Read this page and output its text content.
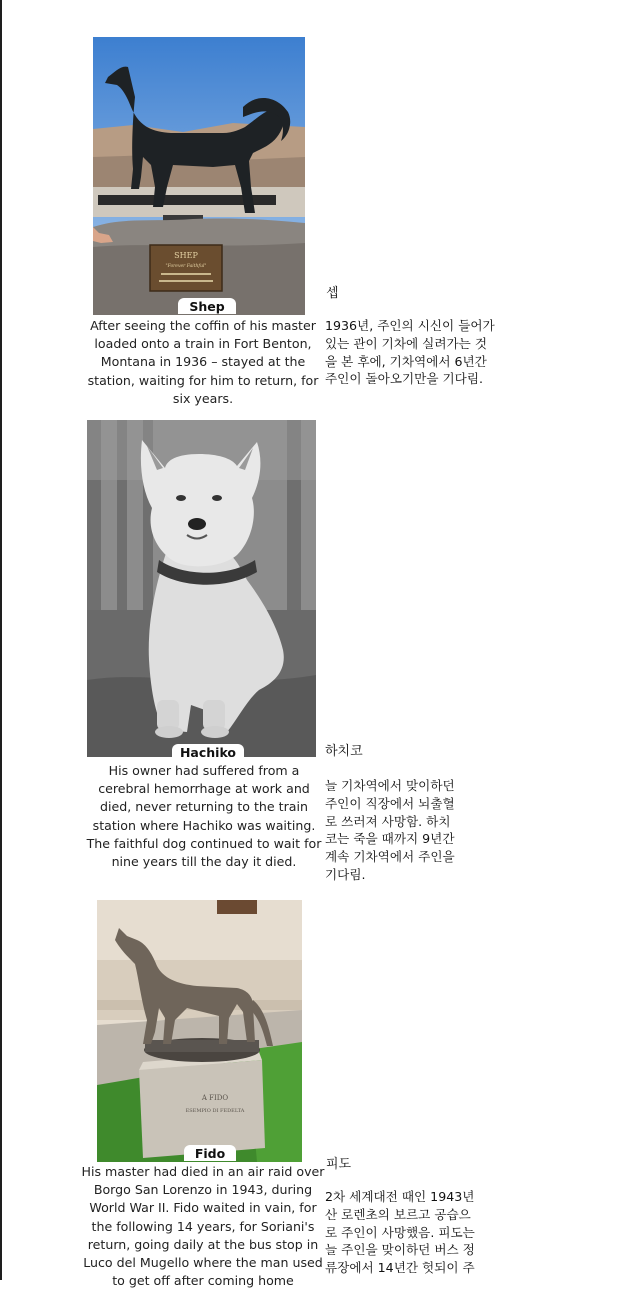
SHEP
"Forever Faithful"
Shep
After seeing the coffin of his master loaded onto a train in Fort Benton, Montana in 1936 – stayed at the station, waiting for him to return, for six years.
셉
1936년, 주인의 시신이 들어가
있는 관이 기차에 실려가는 것
을 본 후에, 기차역에서 6년간
주인이 돌아오기만을 기다림.
Hachiko
His owner had suffered from a cerebral hemorrhage at work and died, never returning to the train station where Hachiko was waiting. The faithful dog continued to wait for nine years till the day it died.
하치코
늘 기차역에서 맞이하던
주인이 직장에서 뇌출혈
로 쓰러져 사망함. 하치
코는 죽을 때까지 9년간
계속 기차역에서 주인을
기다림.
A FIDO
ESEMPIO DI FEDELTA
Fido
His master had died in an air raid over Borgo San Lorenzo in 1943, during World War II. Fido waited in vain, for the following 14 years, for Soriani's return, going daily at the bus stop in Luco del Mugello where the man used to get off after coming home
피도
2차 세계대전 때인 1943년
산 로렌초의 보르고 공습으
로 주인이 사망했음. 피도는
늘 주인을 맞이하던 버스 정
류장에서 14년간 헛되이 주
